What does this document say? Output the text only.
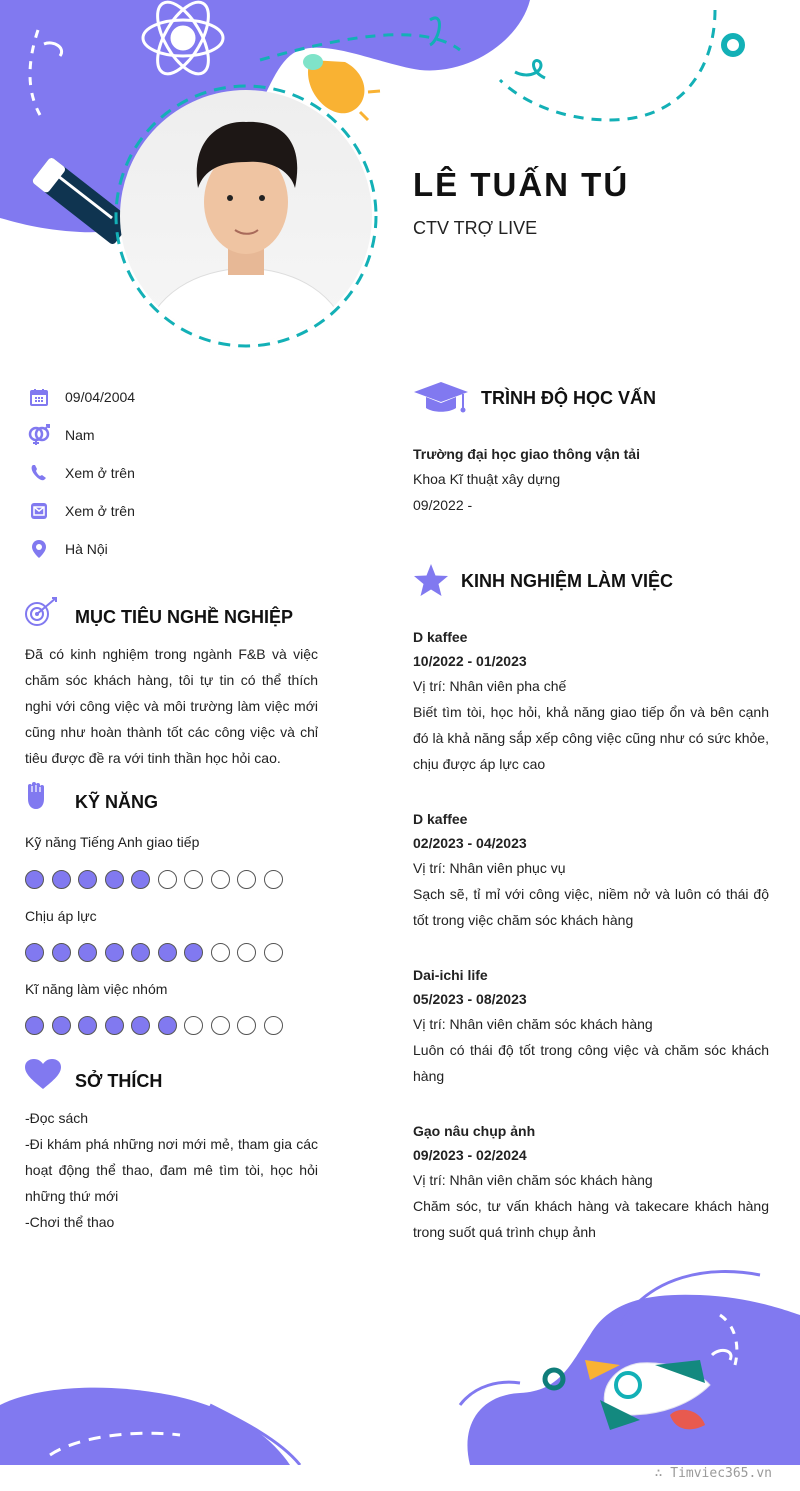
LÊ TUẤN TÚ
CTV TRỢ LIVE
09/04/2004
Nam
Xem ở trên
Xem ở trên
Hà Nội
MỤC TIÊU NGHỀ NGHIỆP

Đã có kinh nghiệm trong ngành F&B và việc chăm sóc khách hàng, tôi tự tin có thể thích nghi với công việc và môi trường làm việc mới cũng như hoàn thành tốt các công việc và chỉ tiêu được đề ra với tinh thần học hỏi cao.

KỸ NĂNG
Kỹ năng Tiếng Anh giao tiếp
Chịu áp lực
Kĩ năng làm việc nhóm
SỞ THÍCH

-Đọc sách

-Đi khám phá những nơi mới mẻ, tham gia các hoạt động thể thao, đam mê tìm tòi, học hỏi những thứ mới

-Chơi thể thao

TRÌNH ĐỘ HỌC VẤN
Trường đại học giao thông vận tải
Khoa Kĩ thuật xây dựng
09/2022 -
KINH NGHIỆM LÀM VIỆC
D kaffee
10/2022 - 01/2023
Vị trí: Nhân viên pha chế
Biết tìm tòi, học hỏi, khả năng giao tiếp ổn và bên cạnh đó là khả năng sắp xếp công việc cũng như có sức khỏe, chịu được áp lực cao
D kaffee
02/2023 - 04/2023
Vị trí: Nhân viên phục vụ
Sạch sẽ, tỉ mỉ với công việc, niềm nở và luôn có thái độ tốt trong việc chăm sóc khách hàng
Dai-ichi life
05/2023 - 08/2023
Vị trí: Nhân viên chăm sóc khách hàng
Luôn có thái độ tốt trong công việc và chăm sóc khách hàng
Gạo nâu chụp ảnh
09/2023 - 02/2024
Vị trí: Nhân viên chăm sóc khách hàng
Chăm sóc, tư vấn khách hàng và takecare khách hàng trong suốt quá trình chụp ảnh
∴ Timviec365.vn
